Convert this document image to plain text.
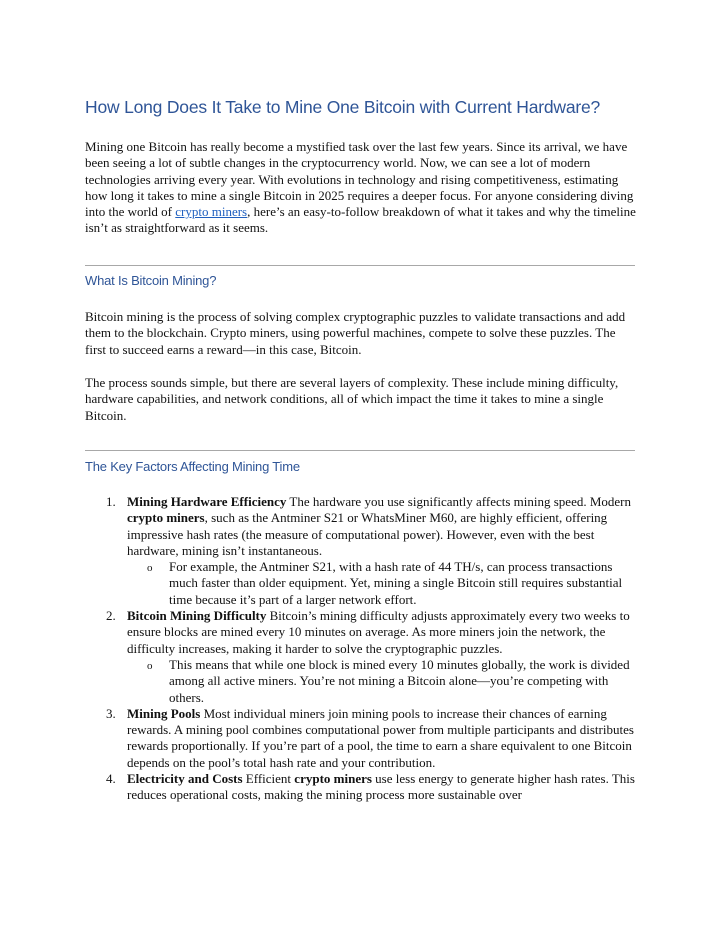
How Long Does It Take to Mine One Bitcoin with Current Hardware?

Mining one Bitcoin has really become a mystified task over the last few years. Since its arrival, we have been seeing a lot of subtle changes in the cryptocurrency world. Now, we can see a lot of modern technologies arriving every year. With evolutions in technology and rising competitiveness, estimating how long it takes to mine a single Bitcoin in 2025 requires a deeper focus. For anyone considering diving into the world of crypto miners, here’s an easy-to-follow breakdown of what it takes and why the timeline isn’t as straightforward as it seems.

What Is Bitcoin Mining?

Bitcoin mining is the process of solving complex cryptographic puzzles to validate transactions and add them to the blockchain. Crypto miners, using powerful machines, compete to solve these puzzles. The first to succeed earns a reward—in this case, Bitcoin.

The process sounds simple, but there are several layers of complexity. These include mining difficulty, hardware capabilities, and network conditions, all of which impact the time it takes to mine a single Bitcoin.

The Key Factors Affecting Mining Time
1. Mining Hardware Efficiency The hardware you use significantly affects mining speed. Modern crypto miners, such as the Antminer S21 or WhatsMiner M60, are highly efficient, offering impressive hash rates (the measure of computational power). However, even with the best hardware, mining isn’t instantaneous.
o For example, the Antminer S21, with a hash rate of 44 TH/s, can process transactions much faster than older equipment. Yet, mining a single Bitcoin still requires substantial time because it’s part of a larger network effort.
2. Bitcoin Mining Difficulty Bitcoin’s mining difficulty adjusts approximately every two weeks to ensure blocks are mined every 10 minutes on average. As more miners join the network, the difficulty increases, making it harder to solve the cryptographic puzzles.
o This means that while one block is mined every 10 minutes globally, the work is divided among all active miners. You’re not mining a Bitcoin alone—you’re competing with others.
3. Mining Pools Most individual miners join mining pools to increase their chances of earning rewards. A mining pool combines computational power from multiple participants and distributes rewards proportionally. If you’re part of a pool, the time to earn a share equivalent to one Bitcoin depends on the pool’s total hash rate and your contribution.
4. Electricity and Costs Efficient crypto miners use less energy to generate higher hash rates. This reduces operational costs, making the mining process more sustainable over
